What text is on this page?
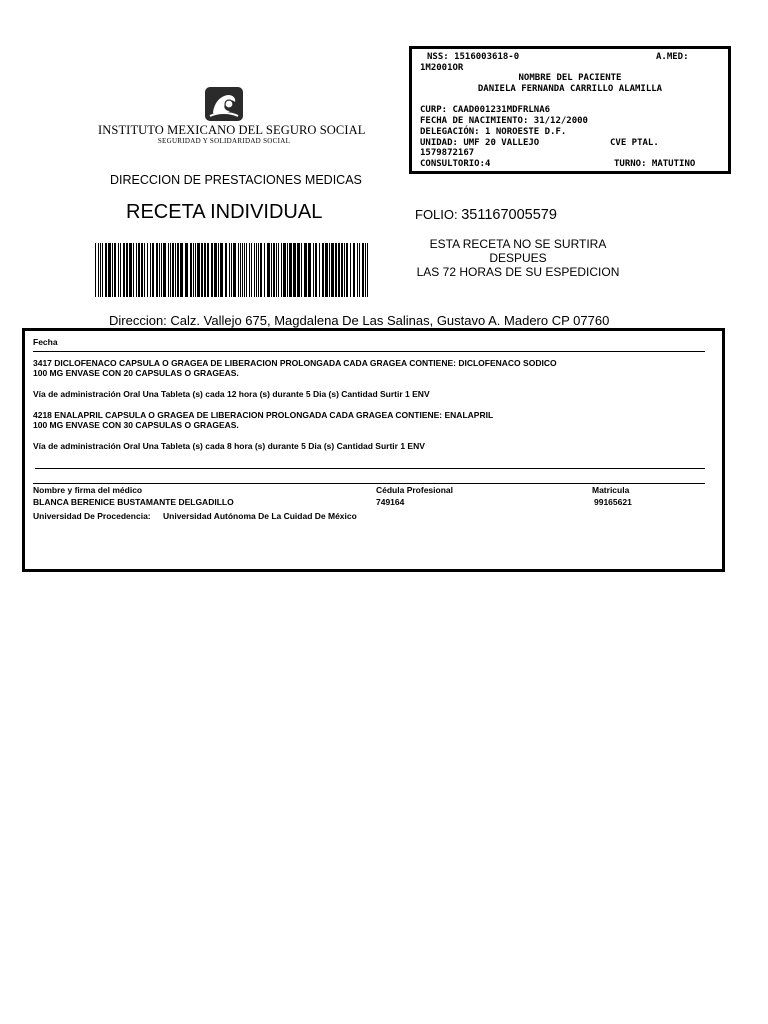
INSTITUTO MEXICANO DEL SEGURO SOCIAL
SEGURIDAD Y SOLIDARIDAD SOCIAL
NSS: 1516003618-0	A.MED:
1M2001OR
NOMBRE DEL PACIENTE
DANIELA FERNANDA CARRILLO ALAMILLA
CURP: CAAD001231MDFRLNA6
FECHA DE NACIMIENTO: 31/12/2000
DELEGACIÓN: 1 NOROESTE D.F.
UNIDAD: UMF 20 VALLEJO	CVE PTAL.
1579872167
CONSULTORIO:4	TURNO: MATUTINO
DIRECCION DE PRESTACIONES MEDICAS
RECETA INDIVIDUAL	FOLIO: 351167005579
ESTA RECETA NO SE SURTIRA DESPUES
LAS 72 HORAS DE SU ESPEDICION
Direccion: Calz. Vallejo 675, Magdalena De Las Salinas, Gustavo A. Madero CP 07760
Fecha
3417 DICLOFENACO CAPSULA O GRAGEA DE LIBERACION PROLONGADA CADA GRAGEA CONTIENE: DICLOFENACO SODICO
100 MG ENVASE CON 20 CAPSULAS O GRAGEAS.
Vía de administración Oral Una Tableta (s) cada 12 hora (s) durante 5 Dia (s) Cantidad Surtir 1 ENV
4218 ENALAPRIL CAPSULA O GRAGEA DE LIBERACION PROLONGADA CADA GRAGEA CONTIENE: ENALAPRIL
100 MG ENVASE CON 30 CAPSULAS O GRAGEAS.
Vía de administración Oral Una Tableta (s) cada 8 hora (s) durante 5 Dia (s) Cantidad Surtir 1 ENV
Nombre y firma del médico	Cédula Profesional	Matricula
BLANCA BERENICE BUSTAMANTE DELGADILLO	749164	99165621
Universidad De Procedencia: Universidad Autónoma De La Cuidad De México
